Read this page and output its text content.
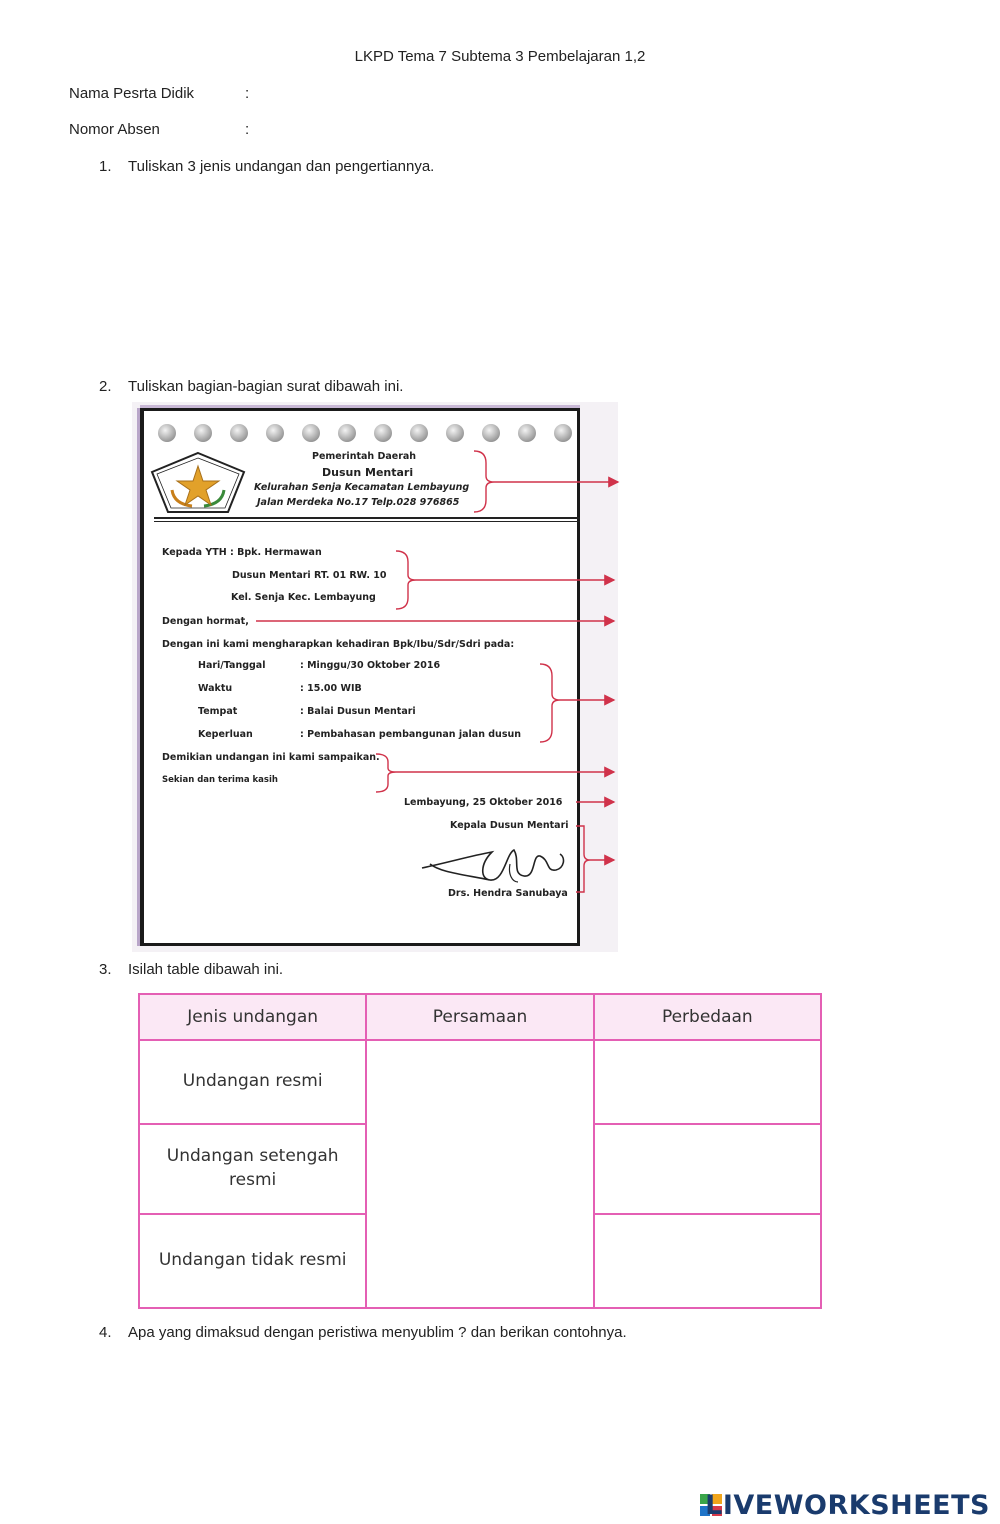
LKPD Tema 7 Subtema 3 Pembelajaran 1,2
Nama Pesrta Didik	:
Nomor Absen	:
1. Tuliskan 3 jenis undangan dan pengertiannya.
2. Tuliskan bagian-bagian surat dibawah ini.
Pemerintah Daerah
Dusun Mentari
Kelurahan Senja Kecamatan Lembayung
Jalan Merdeka No.17 Telp.028 976865
Kepada YTH : Bpk. Hermawan
Dusun Mentari RT. 01 RW. 10
Kel. Senja Kec. Lembayung
Dengan hormat,
Dengan ini kami mengharapkan kehadiran Bpk/Ibu/Sdr/Sdri pada:
Hari/Tanggal	: Minggu/30 Oktober 2016
Waktu	: 15.00 WIB
Tempat	: Balai Dusun Mentari
Keperluan	: Pembahasan pembangunan jalan dusun
Demikian undangan ini kami sampaikan.
Sekian dan terima kasih
Lembayung, 25 Oktober 2016
Kepala Dusun Mentari
Drs. Hendra Sanubaya
3. Isilah table dibawah ini.
Jenis undangan	Persamaan	Perbedaan
Undangan resmi		
Undangan setengah resmi		
Undangan tidak resmi		
4. Apa yang dimaksud dengan peristiwa menyublim ? dan berikan contohnya.
LIVEWORKSHEETS
